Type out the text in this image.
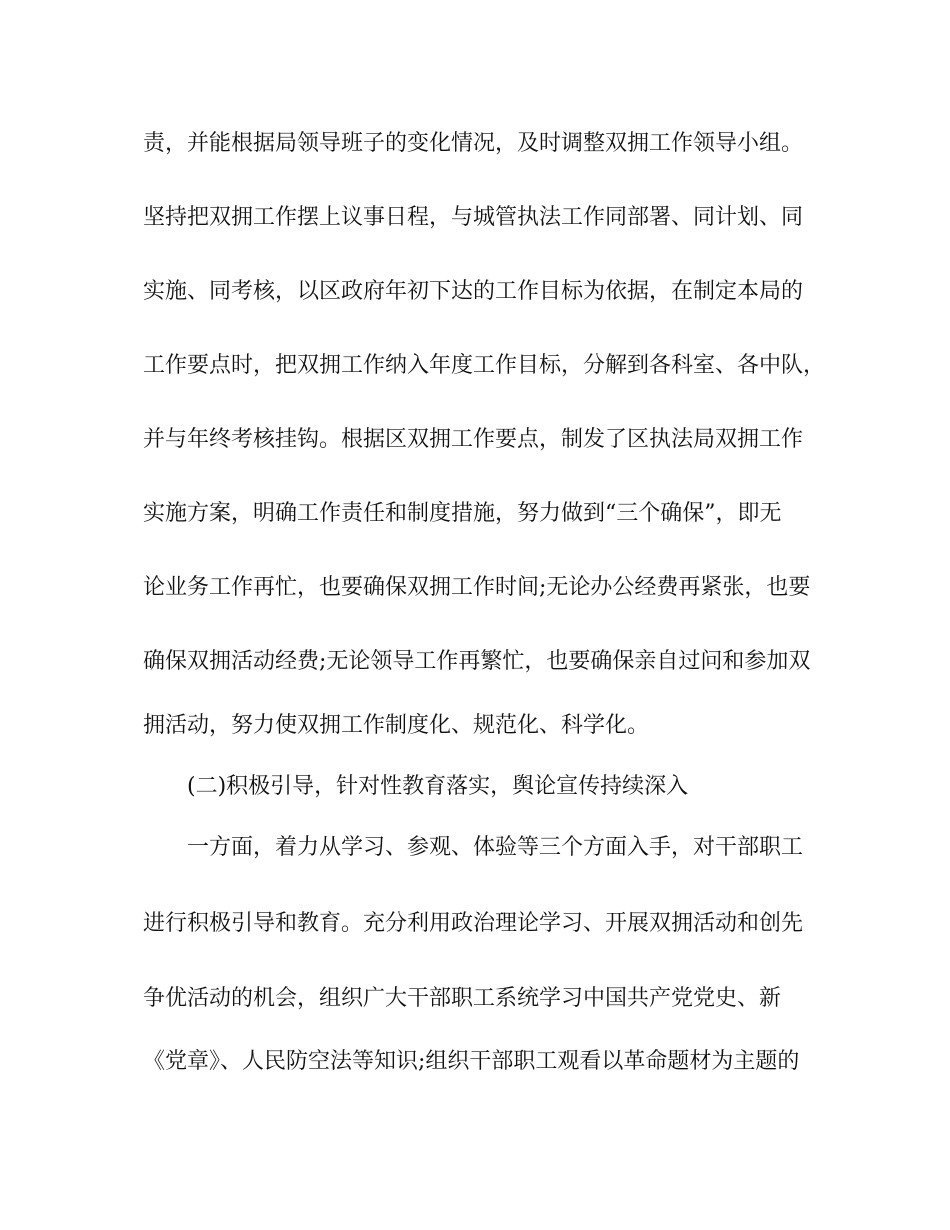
责，并能根据局领导班子的变化情况，及时调整双拥工作领导小组。
坚持把双拥工作摆上议事日程，与城管执法工作同部署、同计划、同
实施、同考核，以区政府年初下达的工作目标为依据，在制定本局的
工作要点时，把双拥工作纳入年度工作目标，分解到各科室、各中队，
并与年终考核挂钩。根据区双拥工作要点，制发了区执法局双拥工作
实施方案，明确工作责任和制度措施，努力做到“三个确保”，即无
论业务工作再忙，也要确保双拥工作时间;无论办公经费再紧张，也要
确保双拥活动经费;无论领导工作再繁忙，也要确保亲自过问和参加双
拥活动，努力使双拥工作制度化、规范化、科学化。
(二)积极引导，针对性教育落实，舆论宣传持续深入
一方面，着力从学习、参观、体验等三个方面入手，对干部职工
进行积极引导和教育。充分利用政治理论学习、开展双拥活动和创先
争优活动的机会，组织广大干部职工系统学习中国共产党党史、新
《党章》、人民防空法等知识;组织干部职工观看以革命题材为主题的
